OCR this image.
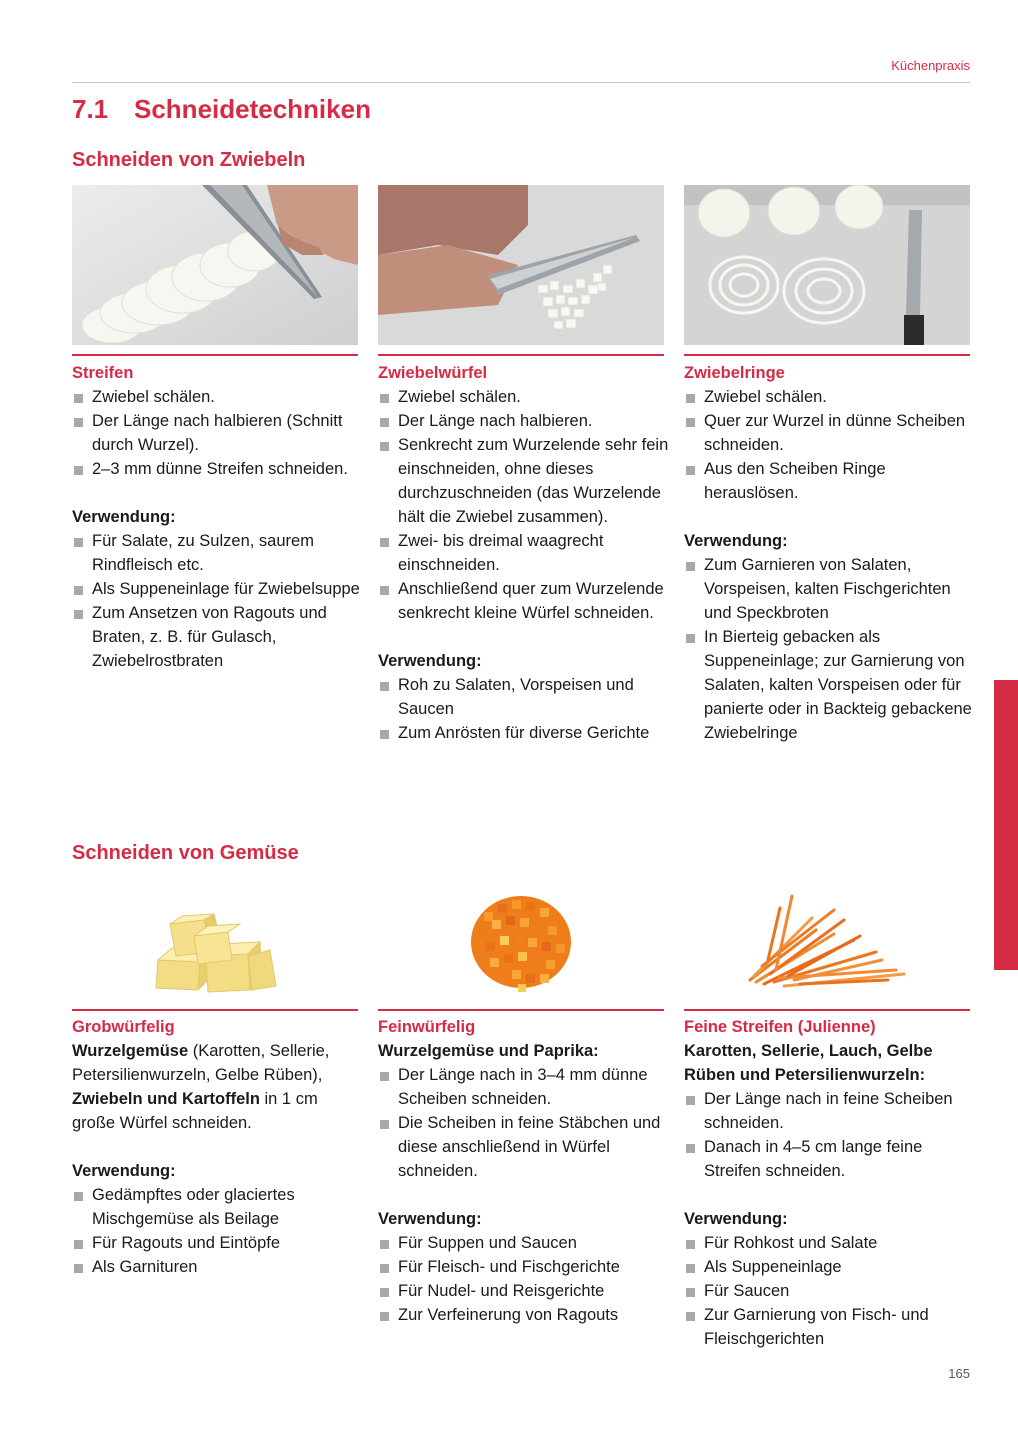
Küchenpraxis
7.1 Schneidetechniken
Schneiden von Zwiebeln
Streifen
Zwiebel schälen.
Der Länge nach halbieren (Schnitt durch Wurzel).
2–3 mm dünne Streifen schneiden.
Verwendung:
Für Salate, zu Sulzen, saurem Rindfleisch etc.
Als Suppeneinlage für Zwiebelsuppe
Zum Ansetzen von Ragouts und Braten, z. B. für Gulasch, Zwiebelrostbraten
Zwiebelwürfel
Zwiebel schälen.
Der Länge nach halbieren.
Senkrecht zum Wurzelende sehr fein einschneiden, ohne dieses durchzuschneiden (das Wurzelende hält die Zwiebel zusammen).
Zwei- bis dreimal waagrecht einschneiden.
Anschließend quer zum Wurzelende senkrecht kleine Würfel schneiden.
Verwendung:
Roh zu Salaten, Vorspeisen und Saucen
Zum Anrösten für diverse Gerichte
Zwiebelringe
Zwiebel schälen.
Quer zur Wurzel in dünne Scheiben schneiden.
Aus den Scheiben Ringe herauslösen.
Verwendung:
Zum Garnieren von Salaten, Vorspeisen, kalten Fischgerichten und Speckbroten
In Bierteig gebacken als Suppeneinlage; zur Garnierung von Salaten, kalten Vorspeisen oder für panierte oder in Backteig gebackene Zwiebelringe
Schneiden von Gemüse
Grobwürfelig
Wurzelgemüse (Karotten, Sellerie, Petersilienwurzeln, Gelbe Rüben), Zwiebeln und Kartoffeln in 1 cm große Würfel schneiden.
Verwendung:
Gedämpftes oder glaciertes Mischgemüse als Beilage
Für Ragouts und Eintöpfe
Als Garnituren
Feinwürfelig
Wurzelgemüse und Paprika:
Der Länge nach in 3–4 mm dünne Scheiben schneiden.
Die Scheiben in feine Stäbchen und diese anschließend in Würfel schneiden.
Verwendung:
Für Suppen und Saucen
Für Fleisch- und Fischgerichte
Für Nudel- und Reisgerichte
Zur Verfeinerung von Ragouts
Feine Streifen (Julienne)
Karotten, Sellerie, Lauch, Gelbe Rüben und Petersilienwurzeln:
Der Länge nach in feine Scheiben schneiden.
Danach in 4–5 cm lange feine Streifen schneiden.
Verwendung:
Für Rohkost und Salate
Als Suppeneinlage
Für Saucen
Zur Garnierung von Fisch- und Fleischgerichten
165
